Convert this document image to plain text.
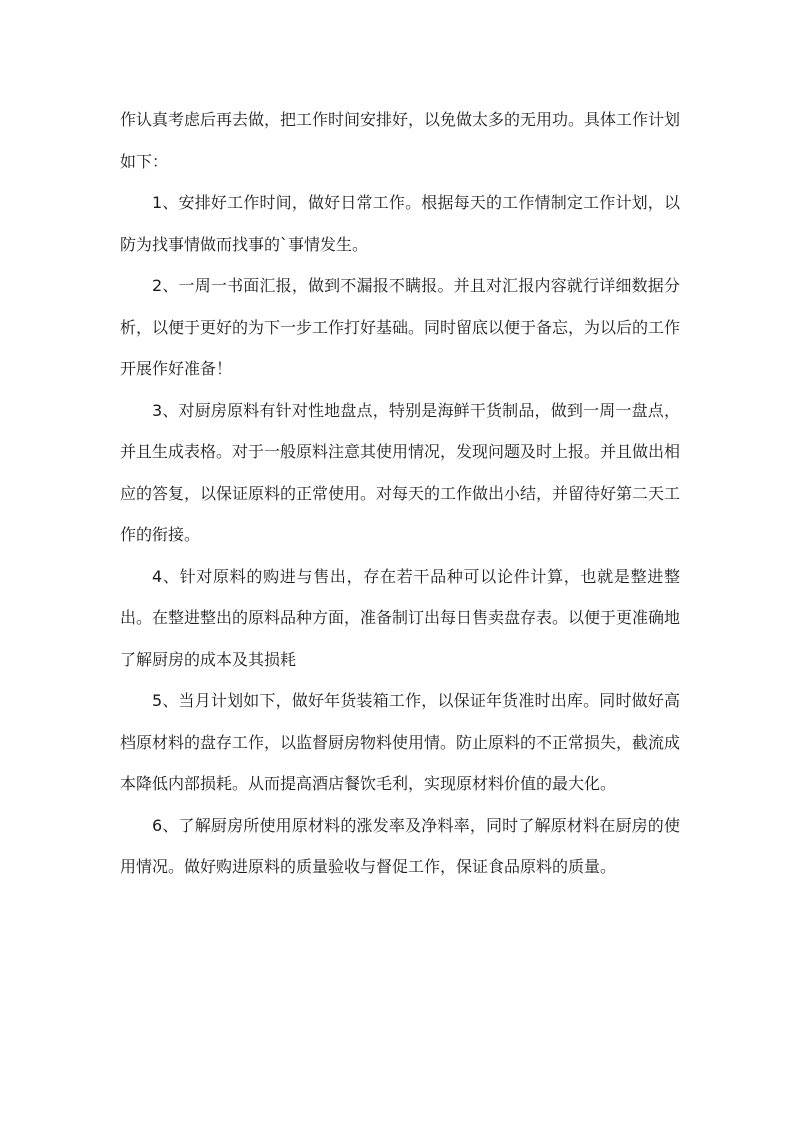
作认真考虑后再去做，把工作时间安排好，以免做太多的无用功。具体工作计划如下：

1、安排好工作时间，做好日常工作。根据每天的工作情制定工作计划，以防为找事情做而找事的`事情发生。

2、一周一书面汇报，做到不漏报不瞒报。并且对汇报内容就行详细数据分析，以便于更好的为下一步工作打好基础。同时留底以便于备忘，为以后的工作开展作好准备！

3、对厨房原料有针对性地盘点，特别是海鲜干货制品，做到一周一盘点，并且生成表格。对于一般原料注意其使用情况，发现问题及时上报。并且做出相应的答复，以保证原料的正常使用。对每天的工作做出小结，并留待好第二天工作的衔接。

4、针对原料的购进与售出，存在若干品种可以论件计算，也就是整进整出。在整进整出的原料品种方面，准备制订出每日售卖盘存表。以便于更准确地了解厨房的成本及其损耗

5、当月计划如下，做好年货装箱工作，以保证年货准时出库。同时做好高档原材料的盘存工作，以监督厨房物料使用情。防止原料的不正常损失，截流成本降低内部损耗。从而提高酒店餐饮毛利，实现原材料价值的最大化。

6、了解厨房所使用原材料的涨发率及净料率，同时了解原材料在厨房的使用情况。做好购进原料的质量验收与督促工作，保证食品原料的质量。
